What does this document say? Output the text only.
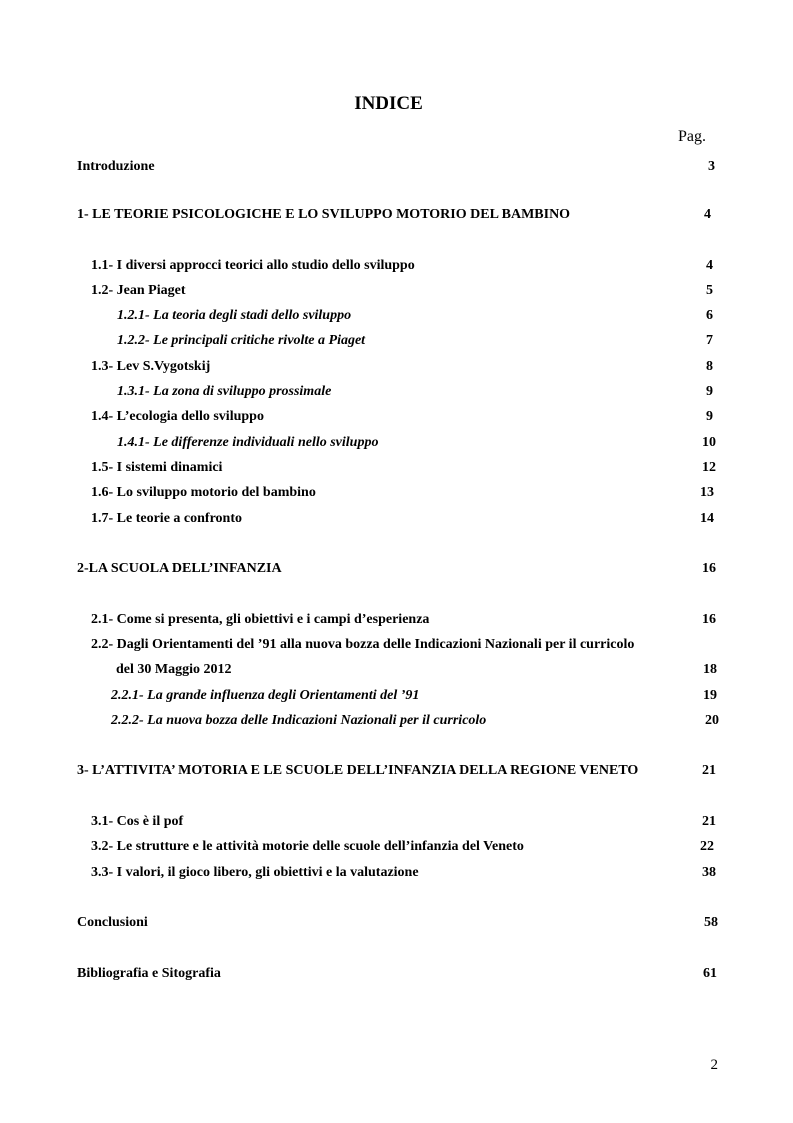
INDICE
Pag.
Introduzione	3
1- LE TEORIE PSICOLOGICHE E LO SVILUPPO MOTORIO DEL BAMBINO	4
1.1- I diversi approcci teorici allo studio dello sviluppo	4
1.2- Jean Piaget	5
1.2.1- La teoria degli stadi dello sviluppo	6
1.2.2- Le principali critiche rivolte a Piaget	7
1.3- Lev S.Vygotskij	8
1.3.1- La zona di sviluppo prossimale	9
1.4- L’ecologia dello sviluppo	9
1.4.1- Le differenze individuali nello sviluppo	10
1.5- I sistemi dinamici	12
1.6- Lo sviluppo motorio del bambino	13
1.7- Le teorie a confronto	14
2-LA SCUOLA DELL’INFANZIA	16
2.1- Come si presenta, gli obiettivi e i campi d’esperienza	16
2.2- Dagli Orientamenti del ’91 alla nuova bozza delle Indicazioni Nazionali per il curricolo
del 30 Maggio 2012	18
2.2.1- La grande influenza degli Orientamenti del ’91	19
2.2.2- La nuova bozza delle Indicazioni Nazionali per il curricolo	20
3- L’ATTIVITA’ MOTORIA E LE SCUOLE DELL’INFANZIA DELLA REGIONE VENETO	21
3.1- Cos è il pof	21
3.2- Le strutture e le attività motorie delle scuole dell’infanzia del Veneto	22
3.3- I valori, il gioco libero, gli obiettivi e la valutazione	38
Conclusioni	58
Bibliografia e Sitografia	61
2
